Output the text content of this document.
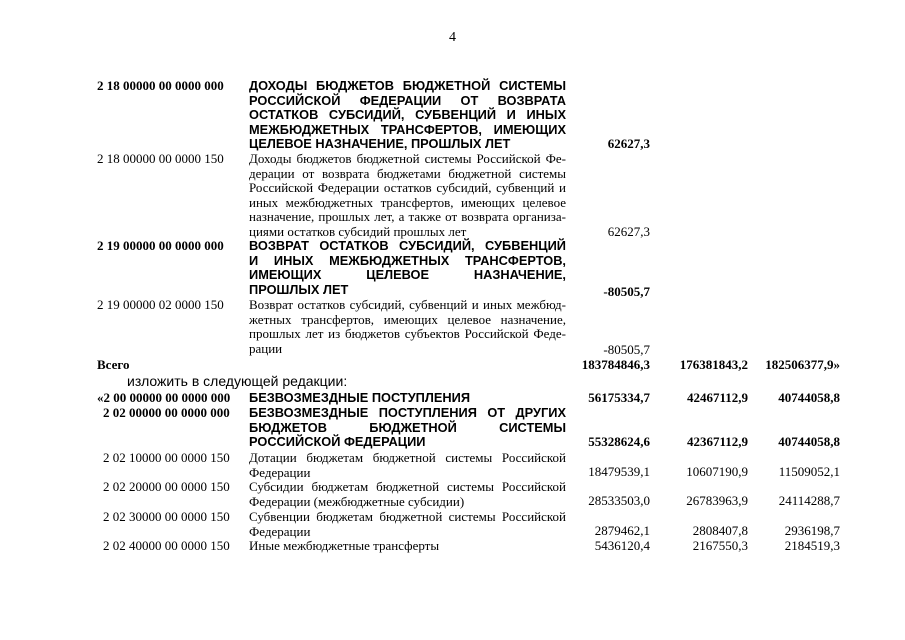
4
2 18 00000 00 0000 000 ДОХОДЫ БЮДЖЕТОВ БЮДЖЕТНОЙ СИСТЕМЫ
РОССИЙСКОЙ ФЕДЕРАЦИИ ОТ ВОЗВРАТА
ОСТАТКОВ СУБСИДИЙ, СУБВЕНЦИЙ И ИНЫХ
МЕЖБЮДЖЕТНЫХ ТРАНСФЕРТОВ, ИМЕЮЩИХ
ЦЕЛЕВОЕ НАЗНАЧЕНИЕ, ПРОШЛЫХ ЛЕТ	62627,3
2 18 00000 00 0000 150 Доходы бюджетов бюджетной системы Российской Фе-
дерации от возврата бюджетами бюджетной системы
Российской Федерации остатков субсидий, субвенций и
иных межбюджетных трансфертов, имеющих целевое
назначение, прошлых лет, а также от возврата организа-
циями остатков субсидий прошлых лет	62627,3
2 19 00000 00 0000 000 ВОЗВРАТ ОСТАТКОВ СУБСИДИЙ, СУБВЕНЦИЙ
И ИНЫХ МЕЖБЮДЖЕТНЫХ ТРАНСФЕРТОВ,
ИМЕЮЩИХ ЦЕЛЕВОЕ НАЗНАЧЕНИЕ,
ПРОШЛЫХ ЛЕТ	-80505,7
2 19 00000 02 0000 150 Возврат остатков субсидий, субвенций и иных межбюд-
жетных трансфертов, имеющих целевое назначение,
прошлых лет из бюджетов субъектов Российской Феде-
рации	-80505,7
Всего	183784846,3 176381843,2 182506377,9»
изложить в следующей редакции:
«2 00 00000 00 0000 000 БЕЗВОЗМЕЗДНЫЕ ПОСТУПЛЕНИЯ	56175334,7	42467112,9 40744058,8
2 02 00000 00 0000 000 БЕЗВОЗМЕЗДНЫЕ ПОСТУПЛЕНИЯ ОТ ДРУГИХ
БЮДЖЕТОВ БЮДЖЕТНОЙ СИСТЕМЫ
РОССИЙСКОЙ ФЕДЕРАЦИИ	55328624,6	42367112,9 40744058,8
2 02 10000 00 0000 150 Дотации бюджетам бюджетной системы Российской
Федерации	18479539,1	10607190,9 11509052,1
2 02 20000 00 0000 150 Субсидии бюджетам бюджетной системы Российской
Федерации (межбюджетные субсидии)	28533503,0	26783963,9 24114288,7
2 02 30000 00 0000 150 Субвенции бюджетам бюджетной системы Российской
Федерации	2879462,1	2808407,8	2936198,7
2 02 40000 00 0000 150 Иные межбюджетные трансферты	5436120,4	2167550,3	2184519,3
